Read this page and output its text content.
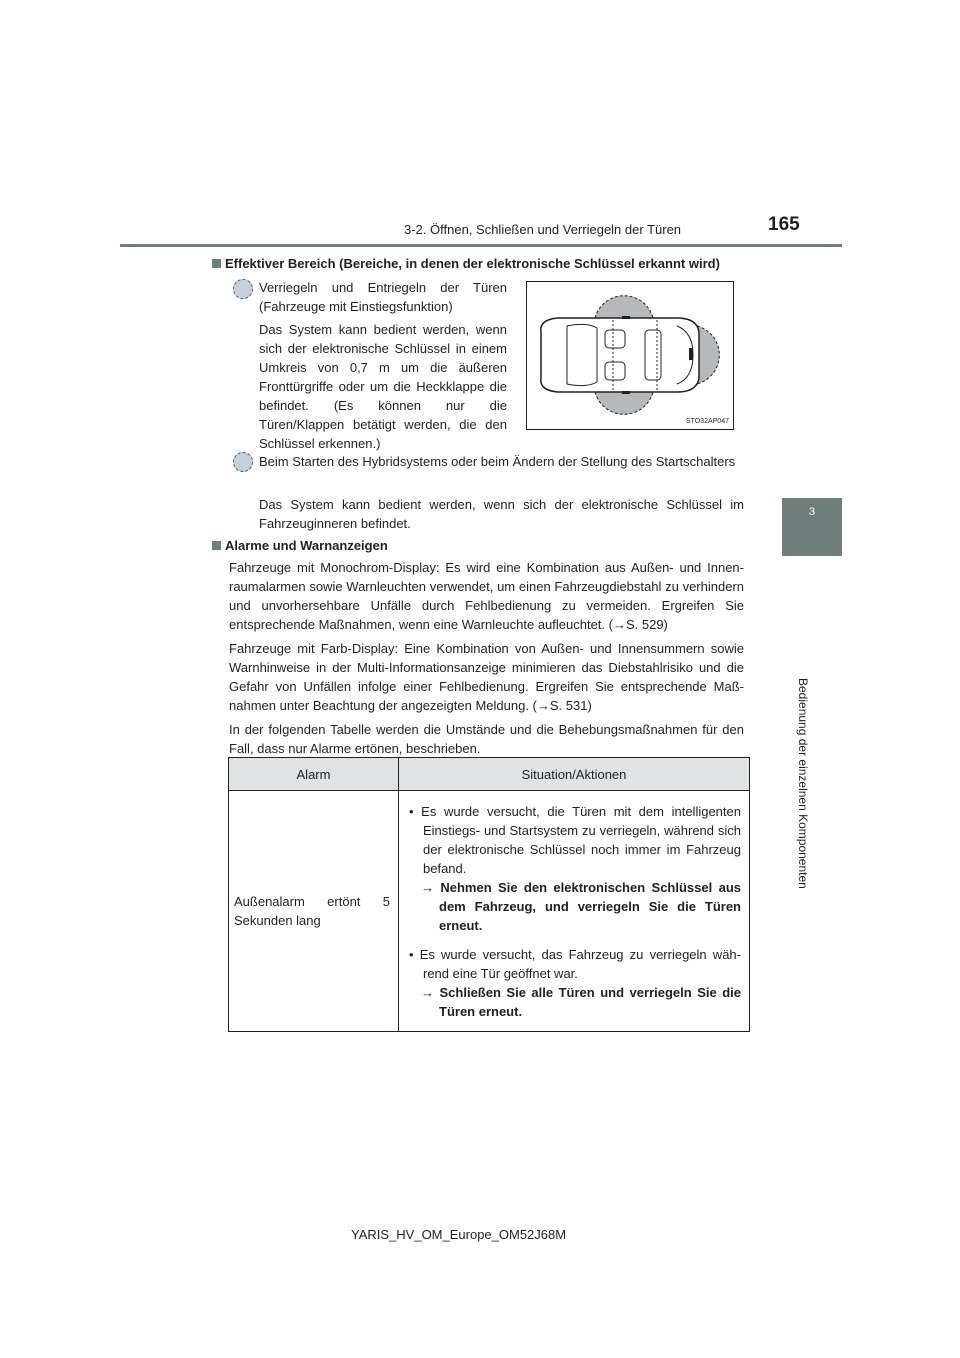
3-2. Öffnen, Schließen und Verriegeln der Türen	165
3
Bedienung der einzelnen Komponenten
Effektiver Bereich (Bereiche, in denen der elektronische Schlüssel erkannt wird)
Verriegeln und Entriegeln der Türen (Fahrzeuge mit Einstiegsfunktion)
Das System kann bedient werden, wenn sich der elektronische Schlüssel in einem Umkreis von 0,7 m um die äußeren Fronttürgriffe oder um die Heckklappe die befindet. (Es können nur die Türen/Klappen betätigt werden, die den Schlüssel erkennen.)
STO32AP047
Beim Starten des Hybridsystems oder beim Ändern der Stellung des Startschalters
Das System kann bedient werden, wenn sich der elektronische Schlüssel im Fahrzeuginneren befindet.
Alarme und Warnanzeigen
Fahrzeuge mit Monochrom-Display: Es wird eine Kombination aus Außen- und Innenraumalarmen sowie Warnleuchten verwendet, um einen Fahrzeugdiebstahl zu verhindern und unvorhersehbare Unfälle durch Fehlbedienung zu vermeiden. Ergreifen Sie entsprechende Maßnahmen, wenn eine Warnleuchte aufleuchtet. (→S. 529)
Fahrzeuge mit Farb-Display: Eine Kombination von Außen- und Innensummern sowie Warnhinweise in der Multi-Informationsanzeige minimieren das Diebstahlrisiko und die Gefahr von Unfällen infolge einer Fehlbedienung. Ergreifen Sie entsprechende Maßnahmen unter Beachtung der angezeigten Meldung. (→S. 531)
In der folgenden Tabelle werden die Umstände und die Behebungsmaßnahmen für den Fall, dass nur Alarme ertönen, beschrieben.
Alarm	Situation/Aktionen
Außenalarm ertönt 5 Sekunden lang	• Es wurde versucht, die Türen mit dem intelligenten Einstiegs- und Startsystem zu verriegeln, während sich der elektronische Schlüssel noch immer im Fahrzeug befand.
→ Nehmen Sie den elektronischen Schlüssel aus dem Fahrzeug, und verriegeln Sie die Türen erneut.
• Es wurde versucht, das Fahrzeug zu verriegeln während eine Tür geöffnet war.
→ Schließen Sie alle Türen und verriegeln Sie die Türen erneut.
YARIS_HV_OM_Europe_OM52J68M
